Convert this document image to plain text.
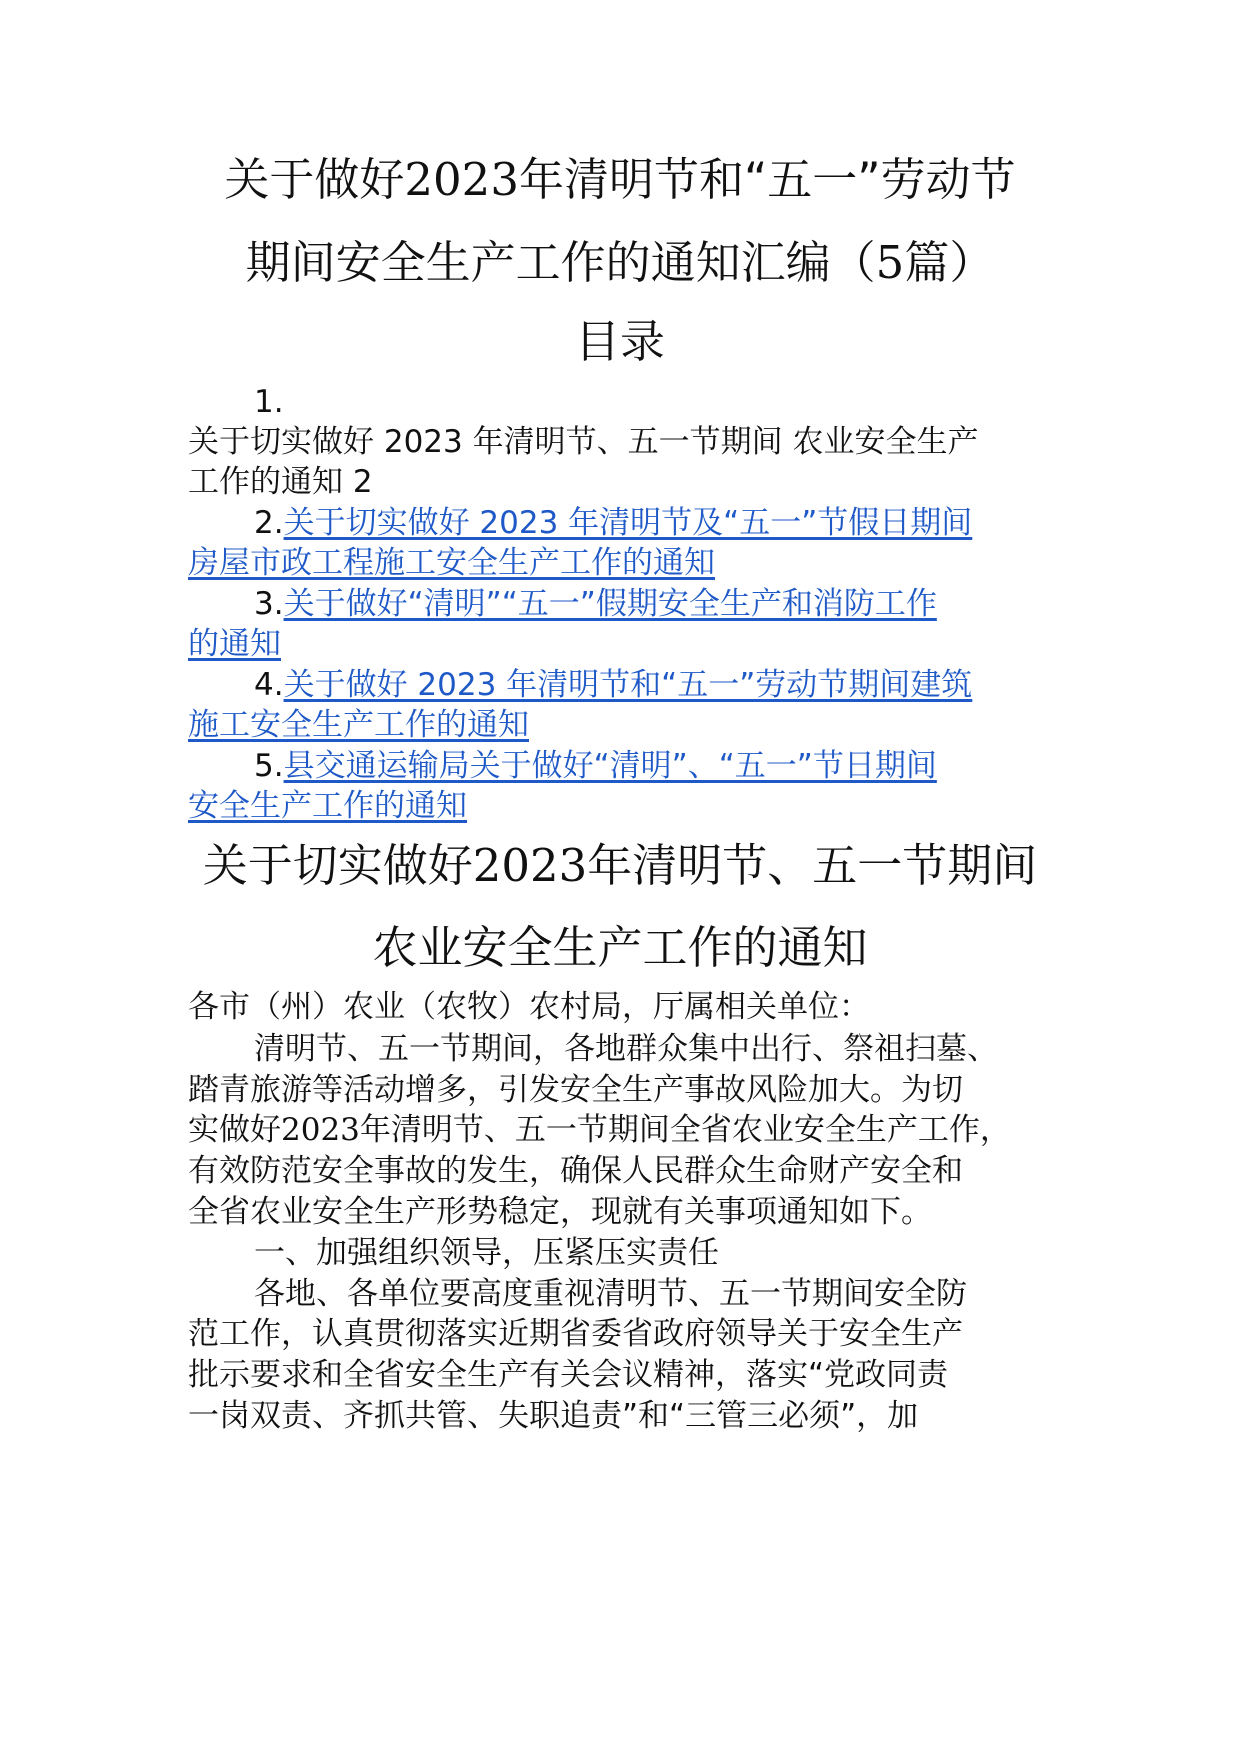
关于做好2023年清明节和“五一”劳动节
期间安全生产工作的通知汇编（5篇）
目录
1.
关于切实做好 2023 年清明节、五一节期间 农业安全生产
工作的通知 2
2.关于切实做好 2023 年清明节及“五一”节假日期间
房屋市政工程施工安全生产工作的通知
3.关于做好“清明”“五一”假期安全生产和消防工作
的通知
4.关于做好 2023 年清明节和“五一”劳动节期间建筑
施工安全生产工作的通知
5.县交通运输局关于做好“清明”、“五一”节日期间
安全生产工作的通知
关于切实做好2023年清明节、五一节期间
农业安全生产工作的通知
各市（州）农业（农牧）农村局，厅属相关单位：
清明节、五一节期间，各地群众集中出行、祭祖扫墓、
踏青旅游等活动增多，引发安全生产事故风险加大。为切
实做好2023年清明节、五一节期间全省农业安全生产工作，
有效防范安全事故的发生，确保人民群众生命财产安全和
全省农业安全生产形势稳定，现就有关事项通知如下。
一、加强组织领导，压紧压实责任
各地、各单位要高度重视清明节、五一节期间安全防
范工作，认真贯彻落实近期省委省政府领导关于安全生产
批示要求和全省安全生产有关会议精神，落实“党政同责
一岗双责、齐抓共管、失职追责”和“三管三必须”，加
